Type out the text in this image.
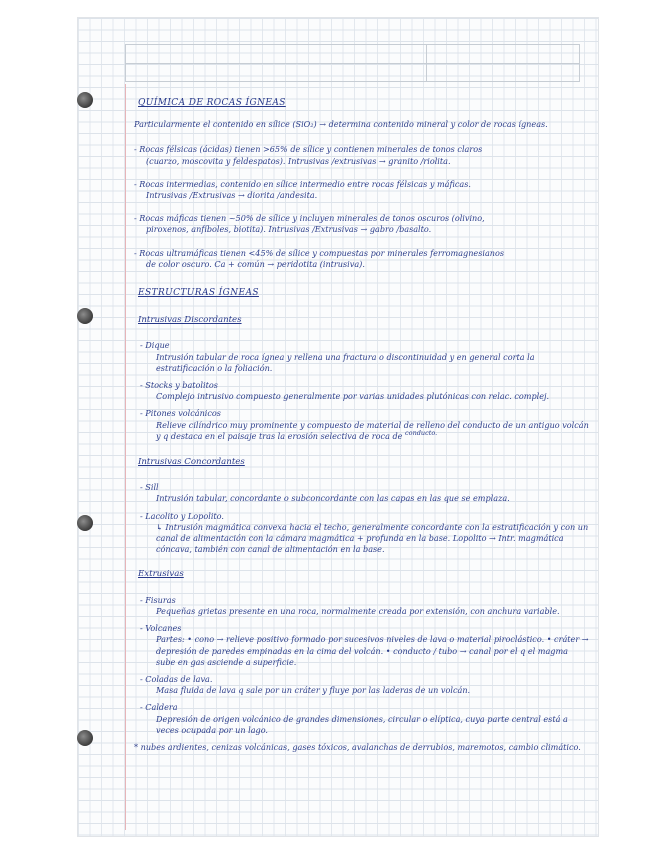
QUÍMICA DE ROCAS ÍGNEAS

Particularmente el contenido en sílice (SiO₂) → determina contenido mineral y color de rocas ígneas.

- Rocas félsicas (ácidas) tienen >65% de sílice y contienen minerales de tonos claros

(cuarzo, moscovita y feldespatos). Intrusivas /extrusivas → granito /riolita.

- Rocas intermedias, contenido en sílice intermedio entre rocas félsicas y máficas.

Intrusivas /Extrusivas → diorita /andesita.

- Rocas máficas tienen ~50% de sílice y incluyen minerales de tonos oscuros (olivino,

piroxenos, anfíboles, biotita). Intrusivas /Extrusivas → gabro /basalto.

- Rocas ultramáficas tienen <45% de sílice y compuestas por minerales ferromagnesianos

de color oscuro. Ca + común → peridotita (intrusiva).

ESTRUCTURAS ÍGNEAS
Intrusivas Discordantes

- Dique

Intrusión tabular de roca ígnea y rellena una fractura o discontinuidad y en general corta la estratificación o la foliación.

- Stocks y batolitos

Complejo intrusivo compuesto generalmente por varias unidades plutónicas con relac. complej.

- Pitones volcánicos

Relieve cilíndrico muy prominente y compuesto de material de relleno del conducto de un antiguo volcán y q destaca en el paisaje tras la erosión selectiva de roca de $^{conducto.}$

Intrusivas Concordantes

- Sill

Intrusión tabular, concordante o subconcordante con las capas en las que se emplaza.

- Lacolito y Lopolito.

↳ Intrusión magmática convexa hacia el techo, generalmente concordante con la estratificación y con un canal de alimentación con la cámara magmática + profunda en la base. Lopolito → Intr. magmática cóncava, también con canal de alimentación en la base.

Extrusivas

- Fisuras

Pequeñas grietas presente en una roca, normalmente creada por extensión, con anchura variable.

- Volcanes

Partes: • cono → relieve positivo formado por sucesivos niveles de lava o material piroclástico. • cráter → depresión de paredes empinadas en la cima del volcán. • conducto / tubo → canal por el q el magma sube en gas asciende a superficie.

- Coladas de lava.

Masa fluida de lava q sale por un cráter y fluye por las laderas de un volcán.

- Caldera

Depresión de origen volcánico de grandes dimensiones, circular o elíptica, cuya parte central está a veces ocupada por un lago.

* nubes ardientes, cenizas volcánicas, gases tóxicos, avalanchas de derrubios, maremotos, cambio climático.
